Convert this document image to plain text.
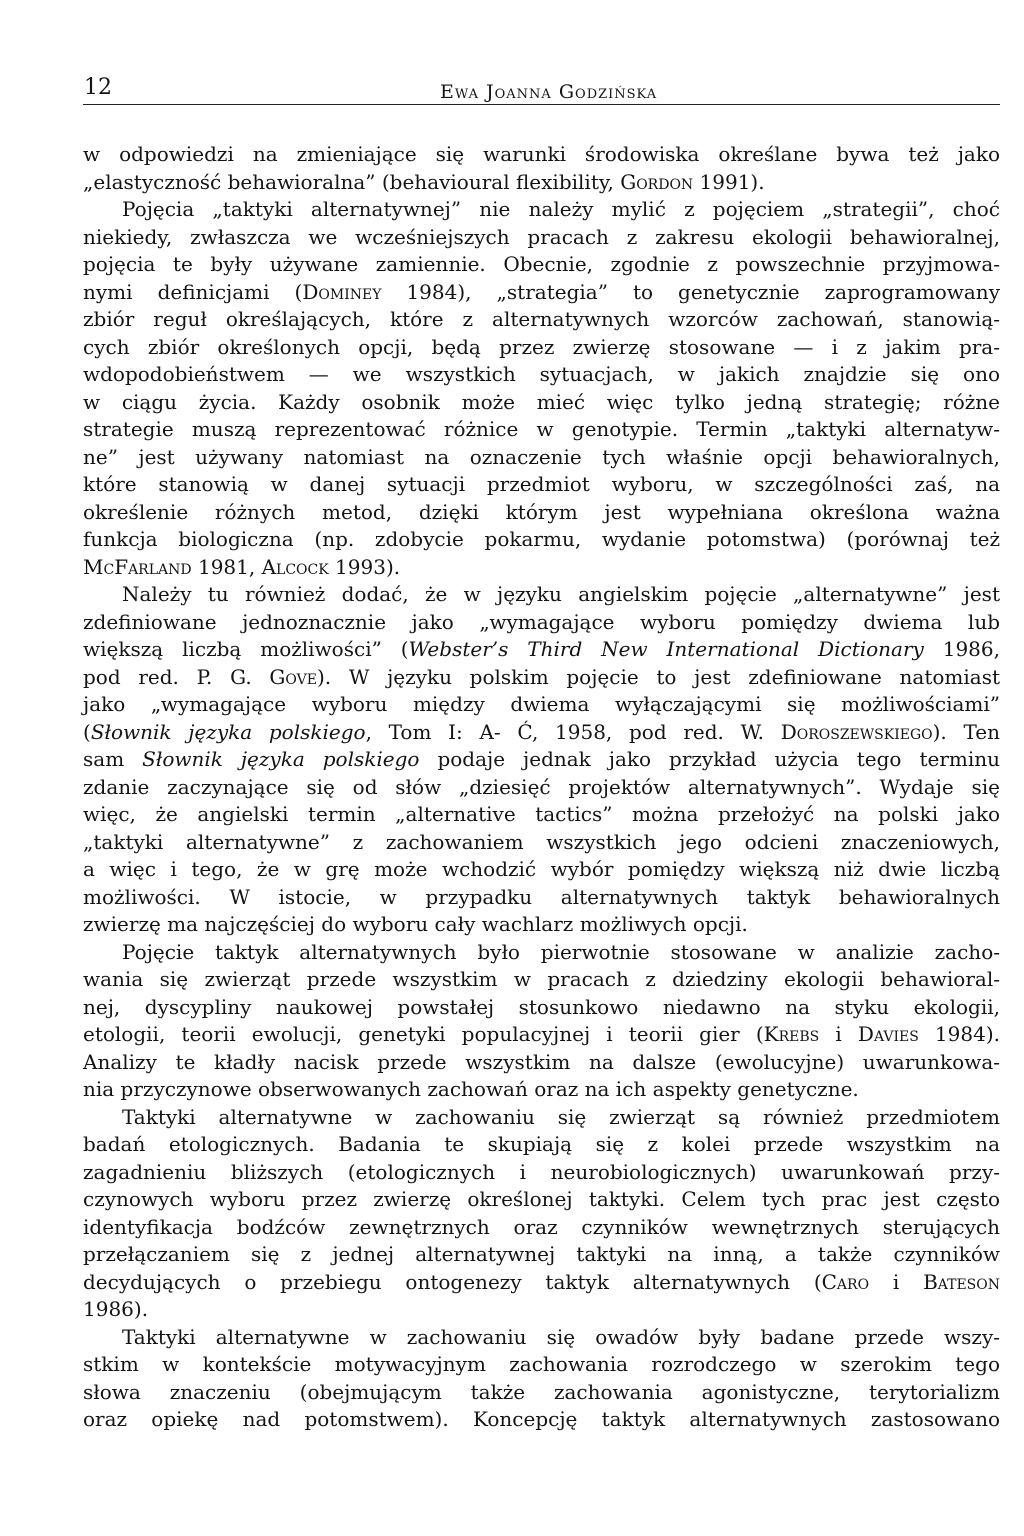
12	Ewa Joanna Godzińska
w odpowiedzi na zmieniające się warunki środowiska określane bywa też jako
„elastyczność behawioralna” (behavioural flexibility, Gordon 1991).
Pojęcia „taktyki alternatywnej” nie należy mylić z pojęciem „strategii”, choć
niekiedy, zwłaszcza we wcześniejszych pracach z zakresu ekologii behawioralnej,
pojęcia te były używane zamiennie. Obecnie, zgodnie z powszechnie przyjmowa-
nymi definicjami (Dominey 1984), „strategia” to genetycznie zaprogramowany
zbiór reguł określających, które z alternatywnych wzorców zachowań, stanowią-
cych zbiór określonych opcji, będą przez zwierzę stosowane — i z jakim pra-
wdopodobieństwem — we wszystkich sytuacjach, w jakich znajdzie się ono
w ciągu życia. Każdy osobnik może mieć więc tylko jedną strategię; różne
strategie muszą reprezentować różnice w genotypie. Termin „taktyki alternatyw-
ne” jest używany natomiast na oznaczenie tych właśnie opcji behawioralnych,
które stanowią w danej sytuacji przedmiot wyboru, w szczególności zaś, na
określenie różnych metod, dzięki którym jest wypełniana określona ważna
funkcja biologiczna (np. zdobycie pokarmu, wydanie potomstwa) (porównaj też
McFarland 1981, Alcock 1993).
Należy tu również dodać, że w języku angielskim pojęcie „alternatywne” jest
zdefiniowane jednoznacznie jako „wymagające wyboru pomiędzy dwiema lub
większą liczbą możliwości” (Webster’s Third New International Dictionary 1986,
pod red. P. G. Gove). W języku polskim pojęcie to jest zdefiniowane natomiast
jako „wymagające wyboru między dwiema wyłączającymi się możliwościami”
(Słownik języka polskiego, Tom I: A- Ć, 1958, pod red. W. Doroszewskiego). Ten
sam Słownik języka polskiego podaje jednak jako przykład użycia tego terminu
zdanie zaczynające się od słów „dziesięć projektów alternatywnych”. Wydaje się
więc, że angielski termin „alternative tactics” można przełożyć na polski jako
„taktyki alternatywne” z zachowaniem wszystkich jego odcieni znaczeniowych,
a więc i tego, że w grę może wchodzić wybór pomiędzy większą niż dwie liczbą
możliwości. W istocie, w przypadku alternatywnych taktyk behawioralnych
zwierzę ma najczęściej do wyboru cały wachlarz możliwych opcji.
Pojęcie taktyk alternatywnych było pierwotnie stosowane w analizie zacho-
wania się zwierząt przede wszystkim w pracach z dziedziny ekologii behawioral-
nej, dyscypliny naukowej powstałej stosunkowo niedawno na styku ekologii,
etologii, teorii ewolucji, genetyki populacyjnej i teorii gier (Krebs i Davies 1984).
Analizy te kładły nacisk przede wszystkim na dalsze (ewolucyjne) uwarunkowa-
nia przyczynowe obserwowanych zachowań oraz na ich aspekty genetyczne.
Taktyki alternatywne w zachowaniu się zwierząt są również przedmiotem
badań etologicznych. Badania te skupiają się z kolei przede wszystkim na
zagadnieniu bliższych (etologicznych i neurobiologicznych) uwarunkowań przy-
czynowych wyboru przez zwierzę określonej taktyki. Celem tych prac jest często
identyfikacja bodźców zewnętrznych oraz czynników wewnętrznych sterujących
przełączaniem się z jednej alternatywnej taktyki na inną, a także czynników
decydujących o przebiegu ontogenezy taktyk alternatywnych (Caro i Bateson
1986).
Taktyki alternatywne w zachowaniu się owadów były badane przede wszy-
stkim w kontekście motywacyjnym zachowania rozrodczego w szerokim tego
słowa znaczeniu (obejmującym także zachowania agonistyczne, terytorializm
oraz opiekę nad potomstwem). Koncepcję taktyk alternatywnych zastosowano
